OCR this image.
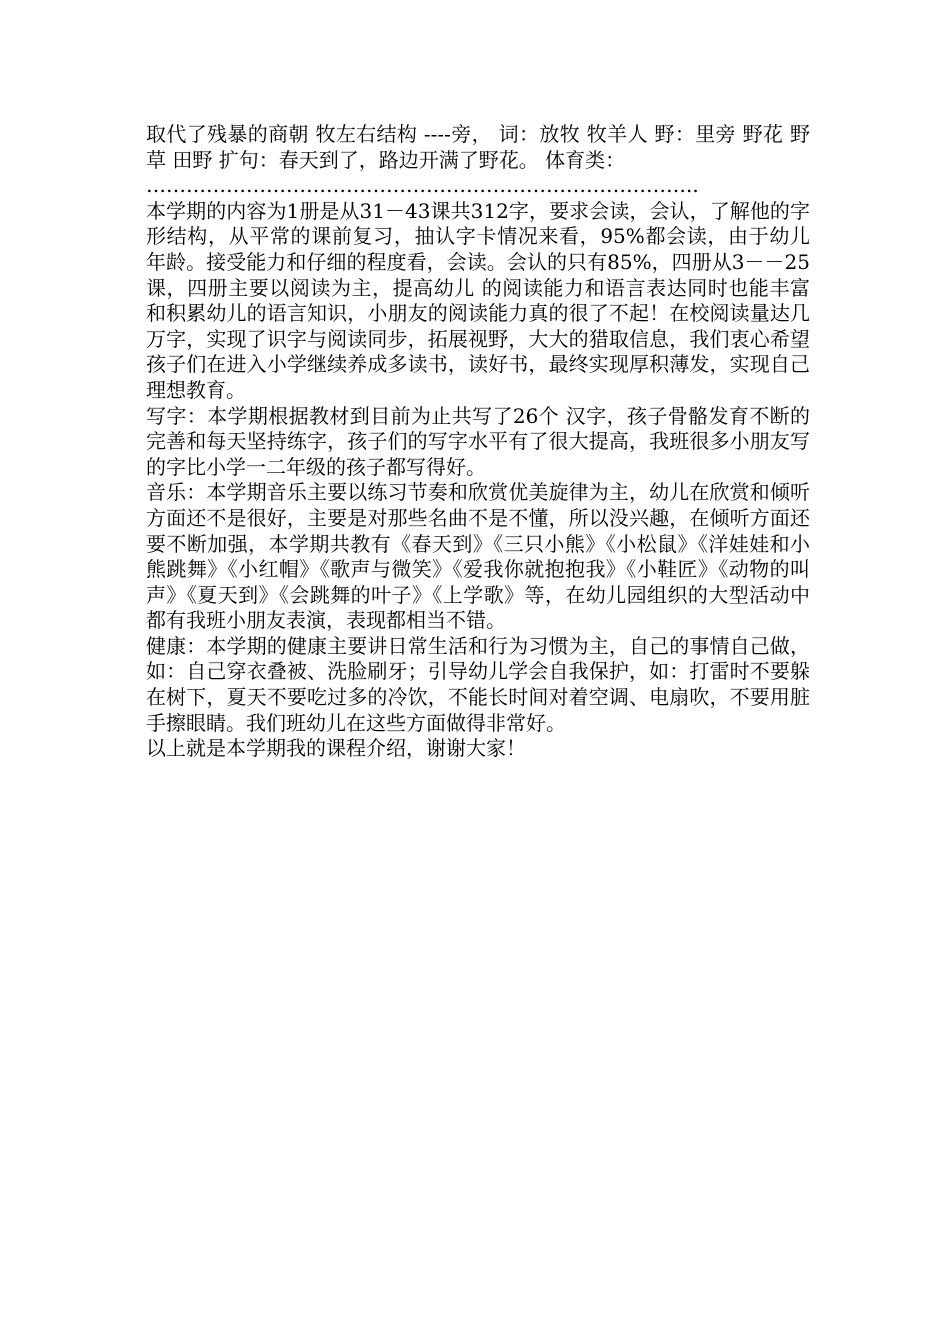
取代了残暴的商朝 牧左右结构 ----旁， 词：放牧 牧羊人 野：里旁 野花 野草 田野 扩句：春天到了，路边开满了野花。 体育类：

………………………………………………………………………..

本学期的内容为1册是从31－43课共312字，要求会读，会认，了解他的字形结构，从平常的课前复习，抽认字卡情况来看，95%都会读，由于幼儿 年龄。接受能力和仔细的程度看，会读。会认的只有85%，四册从3－－25课，四册主要以阅读为主，提高幼儿 的阅读能力和语言表达同时也能丰富和积累幼儿的语言知识，小朋友的阅读能力真的很了不起！在校阅读量达几万字，实现了识字与阅读同步，拓展视野，大大的猎取信息，我们衷心希望孩子们在进入小学继续养成多读书，读好书，最终实现厚积薄发，实现自己理想教育。

写字：本学期根据教材到目前为止共写了26个 汉字，孩子骨骼发育不断的完善和每天坚持练字，孩子们的写字水平有了很大提高，我班很多小朋友写的字比小学一二年级的孩子都写得好。

音乐：本学期音乐主要以练习节奏和欣赏优美旋律为主，幼儿在欣赏和倾听方面还不是很好，主要是对那些名曲不是不懂，所以没兴趣，在倾听方面还要不断加强，本学期共教有《春天到》《三只小熊》《小松鼠》《洋娃娃和小熊跳舞》《小红帽》《歌声与微笑》《爱我你就抱抱我》《小鞋匠》《动物的叫声》《夏天到》《会跳舞的叶子》《上学歌》等，在幼儿园组织的大型活动中都有我班小朋友表演，表现都相当不错。

健康：本学期的健康主要讲日常生活和行为习惯为主，自己的事情自己做，如：自己穿衣叠被、洗脸刷牙；引导幼儿学会自我保护，如：打雷时不要躲在树下，夏天不要吃过多的冷饮，不能长时间对着空调、电扇吹，不要用脏手擦眼睛。我们班幼儿在这些方面做得非常好。

以上就是本学期我的课程介绍，谢谢大家！
